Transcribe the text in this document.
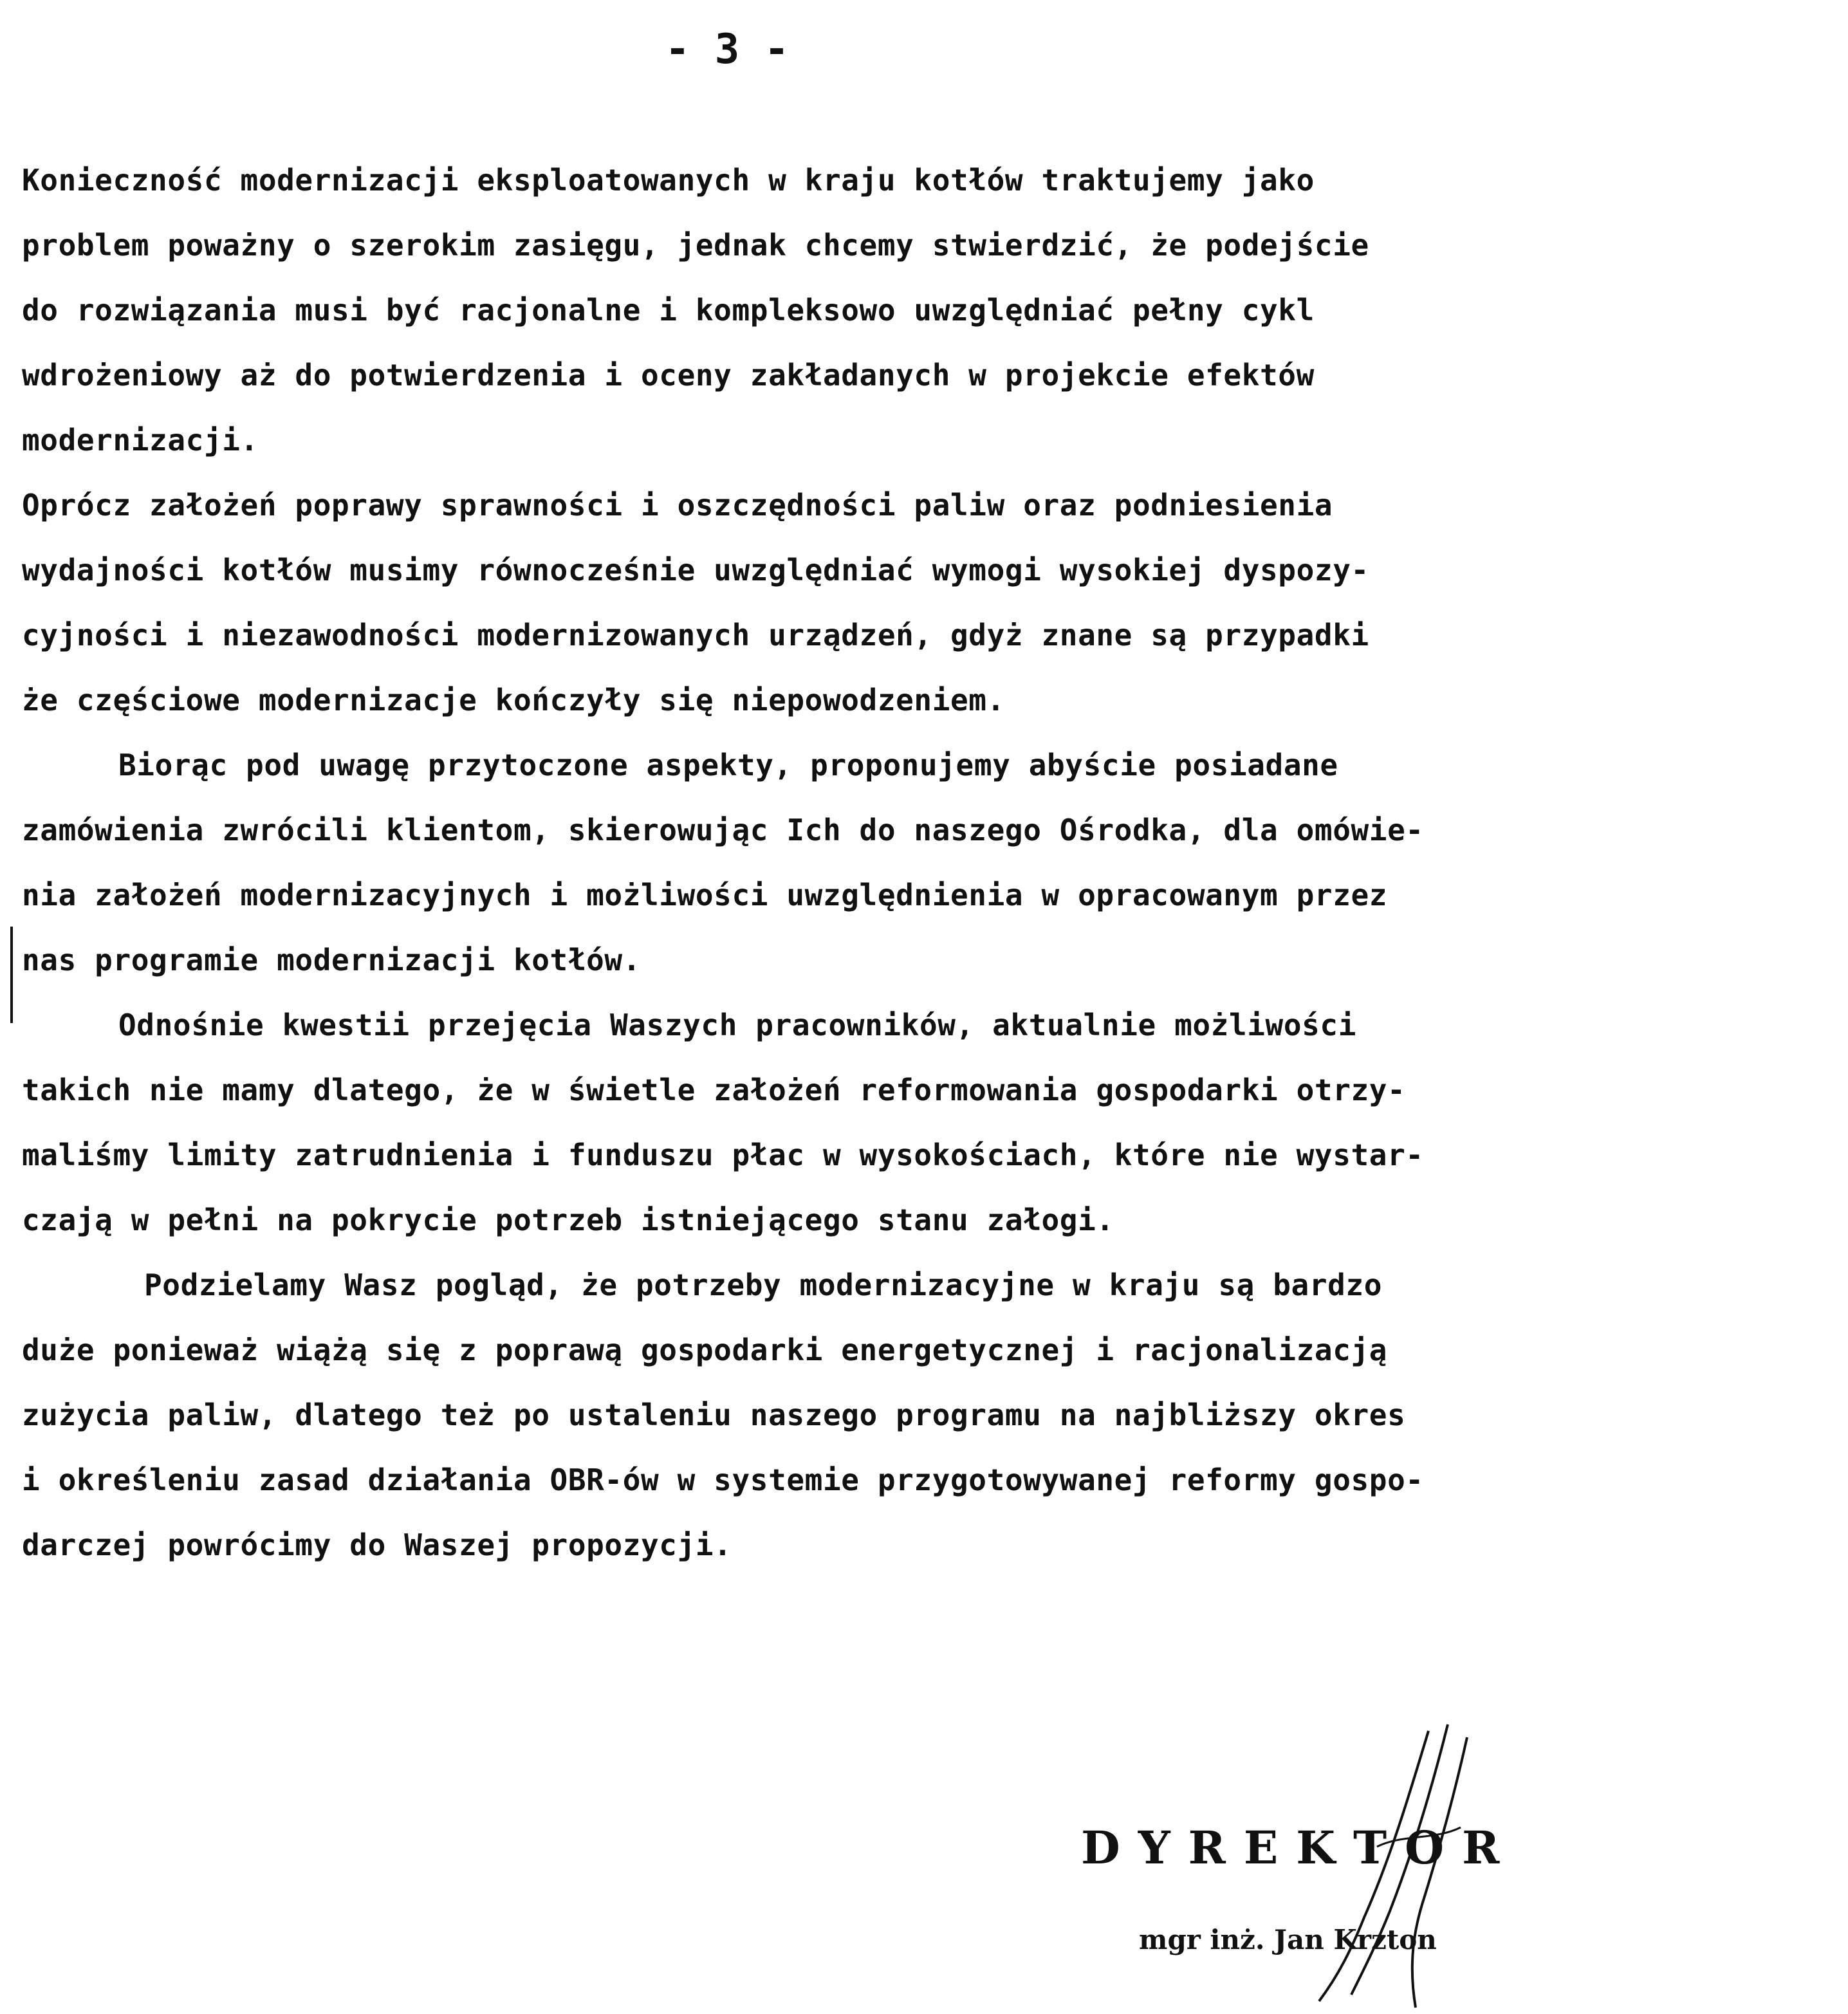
- 3 -
Konieczność modernizacji eksploatowanych w kraju kotłów traktujemy jako
problem poważny o szerokim zasięgu, jednak chcemy stwierdzić, że podejście
do rozwiązania musi być racjonalne i kompleksowo uwzględniać pełny cykl
wdrożeniowy aż do potwierdzenia i oceny zakładanych w projekcie efektów
modernizacji.
Oprócz założeń poprawy sprawności i oszczędności paliw oraz podniesienia
wydajności kotłów musimy równocześnie uwzględniać wymogi wysokiej dyspozy-
cyjności i niezawodności modernizowanych urządzeń, gdyż znane są przypadki
że częściowe modernizacje kończyły się niepowodzeniem.
Biorąc pod uwagę przytoczone aspekty, proponujemy abyście posiadane
zamówienia zwrócili klientom, skierowując Ich do naszego Ośrodka, dla omówie-
nia założeń modernizacyjnych i możliwości uwzględnienia w opracowanym przez
nas programie modernizacji kotłów.
Odnośnie kwestii przejęcia Waszych pracowników, aktualnie możliwości
takich nie mamy dlatego, że w świetle założeń reformowania gospodarki otrzy-
maliśmy limity zatrudnienia i funduszu płac w wysokościach, które nie wystar-
czają w pełni na pokrycie potrzeb istniejącego stanu załogi.
Podzielamy Wasz pogląd, że potrzeby modernizacyjne w kraju są bardzo
duże ponieważ wiążą się z poprawą gospodarki energetycznej i racjonalizacją
zużycia paliw, dlatego też po ustaleniu naszego programu na najbliższy okres
i określeniu zasad działania OBR-ów w systemie przygotowywanej reformy gospo-
darczej powrócimy do Waszej propozycji.
DYREKTOR
mgr inż. Jan Krzton
